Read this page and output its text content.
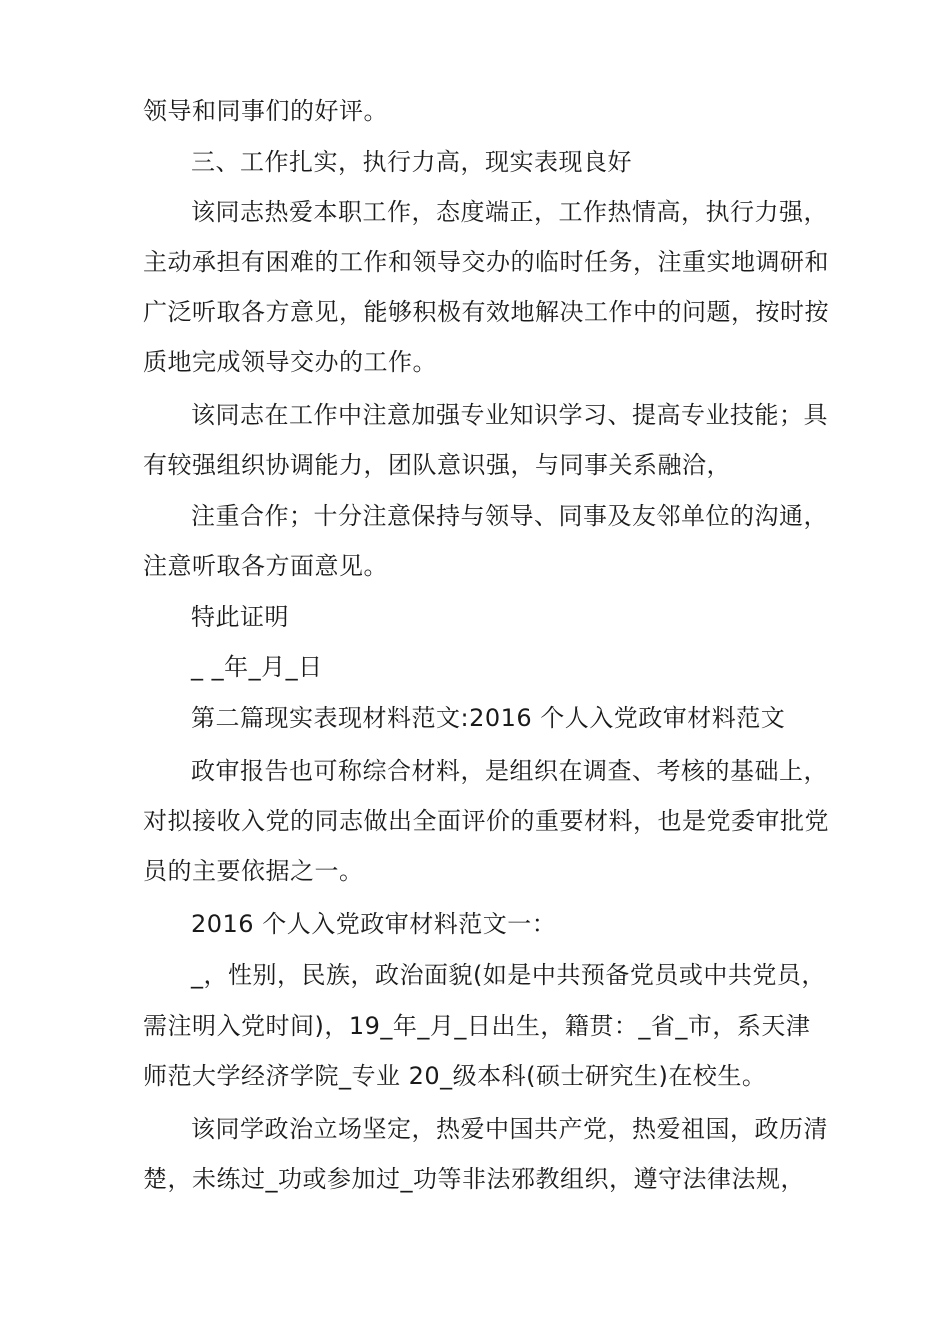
领导和同事们的好评。
三、工作扎实，执行力高，现实表现良好
该同志热爱本职工作，态度端正，工作热情高，执行力强，
主动承担有困难的工作和领导交办的临时任务，注重实地调研和
广泛听取各方意见，能够积极有效地解决工作中的问题，按时按
质地完成领导交办的工作。
该同志在工作中注意加强专业知识学习、提高专业技能；具
有较强组织协调能力，团队意识强，与同事关系融洽，
注重合作；十分注意保持与领导、同事及友邻单位的沟通，
注意听取各方面意见。
特此证明
_ _年_月_日
第二篇现实表现材料范文:2016 个人入党政审材料范文
政审报告也可称综合材料，是组织在调查、考核的基础上，
对拟接收入党的同志做出全面评价的重要材料，也是党委审批党
员的主要依据之一。
2016 个人入党政审材料范文一：
_，性别，民族，政治面貌(如是中共预备党员或中共党员，
需注明入党时间)，19_年_月_日出生，籍贯：_省_市，系天津
师范大学经济学院_专业 20_级本科(硕士研究生)在校生。
该同学政治立场坚定，热爱中国共产党，热爱祖国，政历清
楚，未练过_功或参加过_功等非法邪教组织，遵守法律法规，
